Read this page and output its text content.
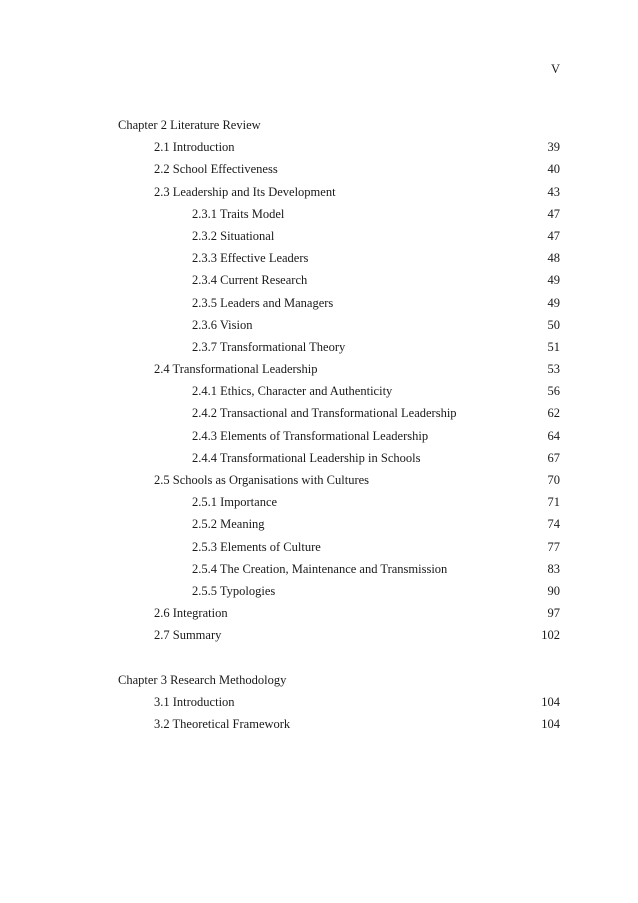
V
Chapter 2 Literature Review
2.1 Introduction	39
2.2 School Effectiveness	40
2.3 Leadership and Its Development	43
2.3.1 Traits Model	47
2.3.2 Situational	47
2.3.3 Effective Leaders	48
2.3.4 Current Research	49
2.3.5 Leaders and Managers	49
2.3.6 Vision	50
2.3.7 Transformational Theory	51
2.4 Transformational Leadership	53
2.4.1 Ethics, Character and Authenticity	56
2.4.2 Transactional and Transformational Leadership	62
2.4.3 Elements of Transformational Leadership	64
2.4.4 Transformational Leadership in Schools	67
2.5 Schools as Organisations with Cultures	70
2.5.1 Importance	71
2.5.2 Meaning	74
2.5.3 Elements of Culture	77
2.5.4 The Creation, Maintenance and Transmission	83
2.5.5 Typologies	90
2.6 Integration	97
2.7 Summary	102
Chapter 3 Research Methodology
3.1 Introduction	104
3.2 Theoretical Framework	104
